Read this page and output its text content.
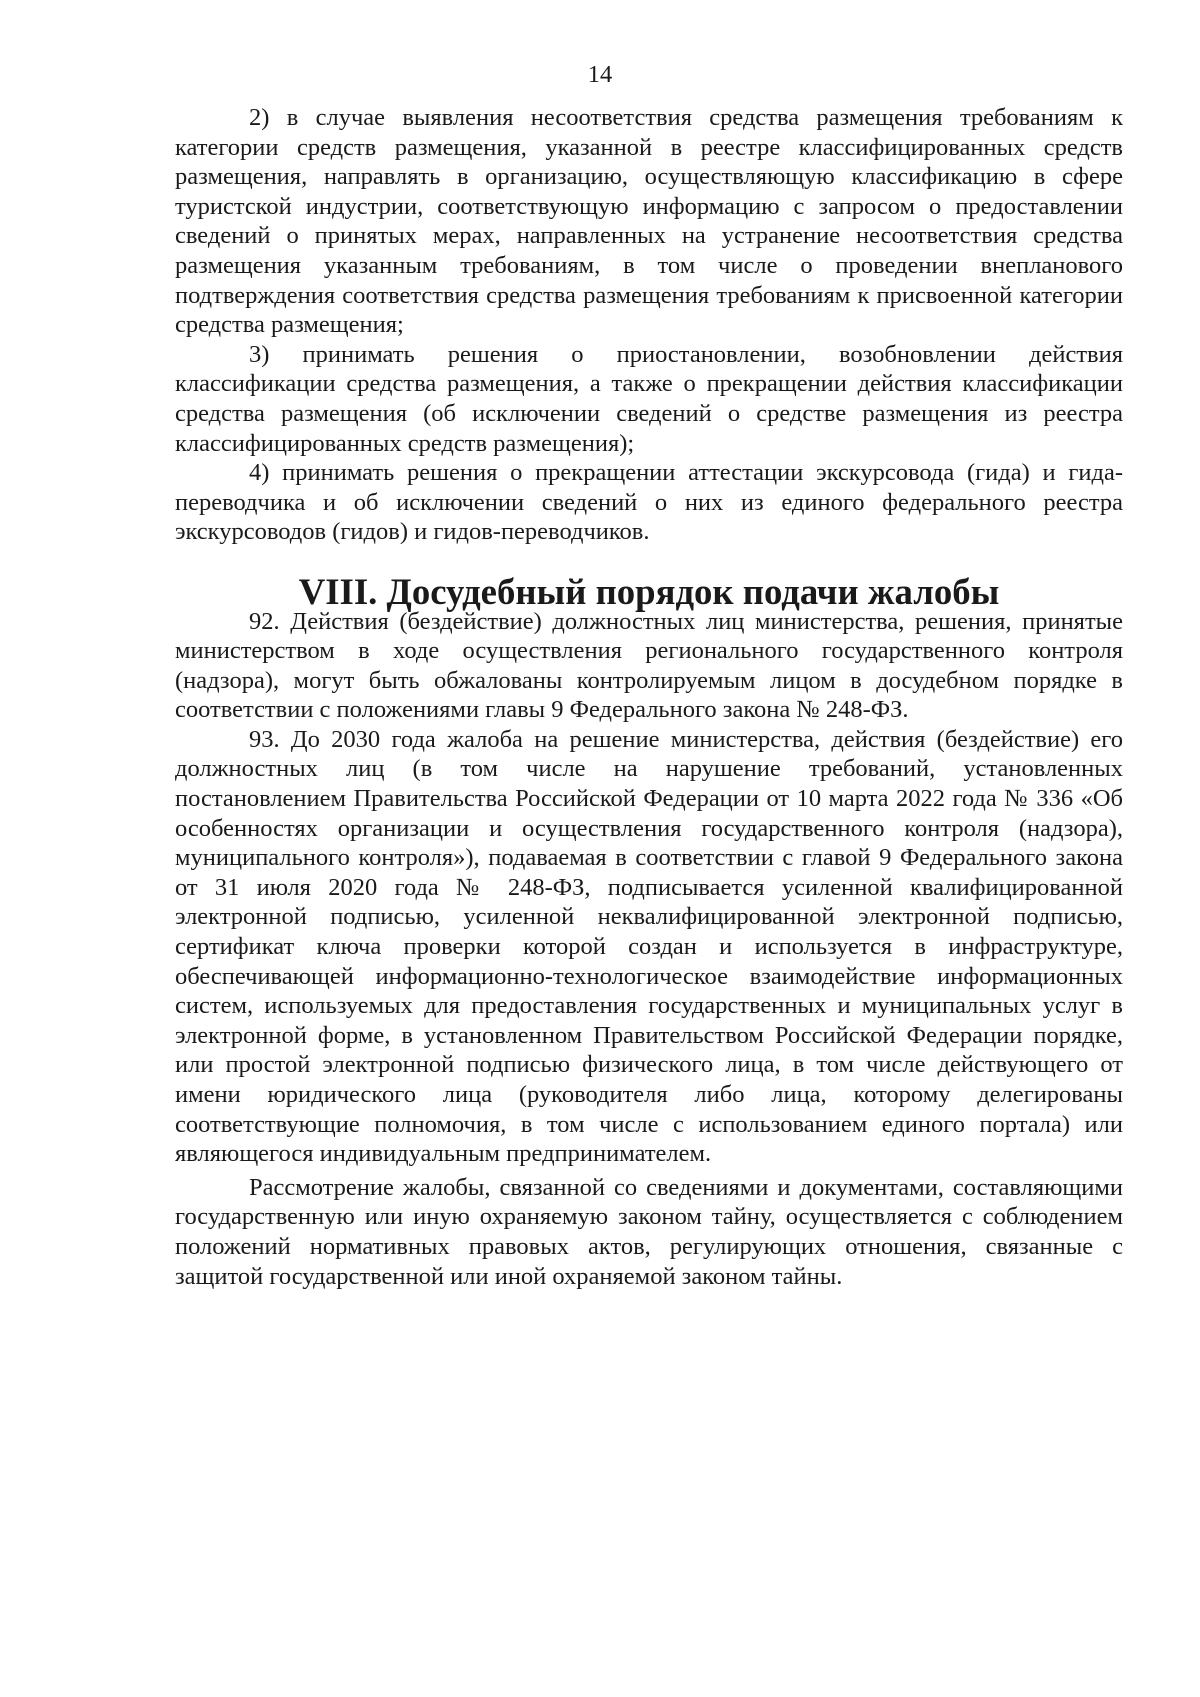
14

2) в случае выявления несоответствия средства размещения требованиям к категории средств размещения, указанной в реестре классифицированных средств размещения, направлять в организацию, осуществляющую классификацию в сфере туристской индустрии, соответствующую информацию с запросом о предоставлении сведений о принятых мерах, направленных на устранение несоответствия средства размещения указанным требованиям, в том числе о проведении внепланового подтверждения соответствия средства размещения требованиям к присвоенной категории средства размещения;

3) принимать решения о приостановлении, возобновлении действия классификации средства размещения, а также о прекращении действия классификации средства размещения (об исключении сведений о средстве размещения из реестра классифицированных средств размещения);

4) принимать решения о прекращении аттестации экскурсовода (гида) и гида-переводчика и об исключении сведений о них из единого федерального реестра экскурсоводов (гидов) и гидов-переводчиков.

VIII. Досудебный порядок подачи жалобы

92. Действия (бездействие) должностных лиц министерства, решения, принятые министерством в ходе осуществления регионального государственного контроля (надзора), могут быть обжалованы контролируемым лицом в досудебном порядке в соответствии с положениями главы 9 Федерального закона № 248-ФЗ.

93. До 2030 года жалоба на решение министерства, действия (бездействие) его должностных лиц (в том числе на нарушение требований, установленных постановлением Правительства Российской Федерации от 10 марта 2022 года № 336 «Об особенностях организации и осуществления государственного контроля (надзора), муниципального контроля»), подаваемая в соответствии с главой 9 Федерального закона от 31 июля 2020 года № 248-ФЗ, подписывается усиленной квалифицированной электронной подписью, усиленной неквалифицированной электронной подписью, сертификат ключа проверки которой создан и используется в инфраструктуре, обеспечивающей информационно-технологическое взаимодействие информационных систем, используемых для предоставления государственных и муниципальных услуг в электронной форме, в установленном Правительством Российской Федерации порядке, или простой электронной подписью физического лица, в том числе действующего от имени юридического лица (руководителя либо лица, которому делегированы соответствующие полномочия, в том числе с использованием единого портала) или являющегося индивидуальным предпринимателем.

Рассмотрение жалобы, связанной со сведениями и документами, составляющими государственную или иную охраняемую законом тайну, осуществляется с соблюдением положений нормативных правовых актов, регулирующих отношения, связанные с защитой государственной или иной охраняемой законом тайны.
